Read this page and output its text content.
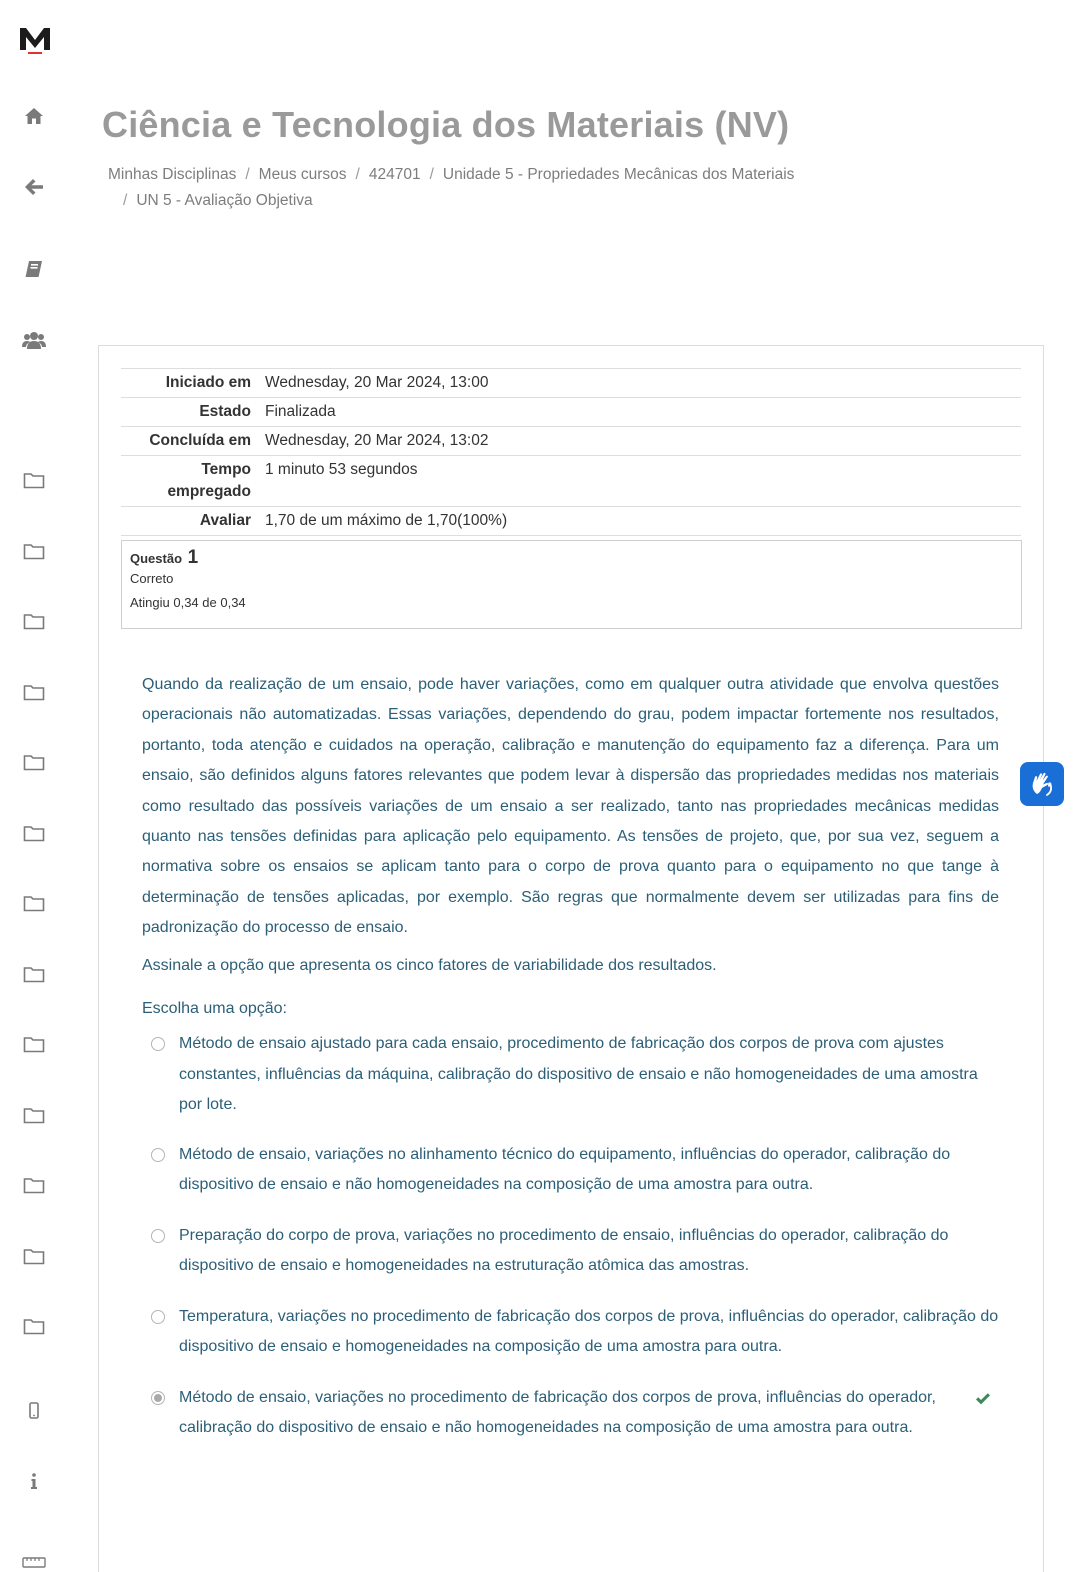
Ciência e Tecnologia dos Materiais (NV)
Minhas Disciplinas / Meus cursos / 424701 / Unidade 5 - Propriedades Mecânicas dos Materiais
/ UN 5 - Avaliação Objetiva
Iniciado em	Wednesday, 20 Mar 2024, 13:00
Estado	Finalizada
Concluída em	Wednesday, 20 Mar 2024, 13:02
Tempo empregado	1 minuto 53 segundos
Avaliar	1,70 de um máximo de 1,70(100%)
Questão 1
Correto
Atingiu 0,34 de 0,34

Quando da realização de um ensaio, pode haver variações, como em qualquer outra atividade que envolva questões operacionais não automatizadas. Essas variações, dependendo do grau, podem impactar fortemente nos resultados, portanto, toda atenção e cuidados na operação, calibração e manutenção do equipamento faz a diferença. Para um ensaio, são definidos alguns fatores relevantes que podem levar à dispersão das propriedades medidas nos materiais como resultado das possíveis variações de um ensaio a ser realizado, tanto nas propriedades mecânicas medidas quanto nas tensões definidas para aplicação pelo equipamento. As tensões de projeto, que, por sua vez, seguem a normativa sobre os ensaios se aplicam tanto para o corpo de prova quanto para o equipamento no que tange à determinação de tensões aplicadas, por exemplo. São regras que normalmente devem ser utilizadas para fins de padronização do processo de ensaio.

Assinale a opção que apresenta os cinco fatores de variabilidade dos resultados.

Escolha uma opção:
Método de ensaio ajustado para cada ensaio, procedimento de fabricação dos corpos de prova com ajustes constantes, influências da máquina, calibração do dispositivo de ensaio e não homogeneidades de uma amostra por lote.
Método de ensaio, variações no alinhamento técnico do equipamento, influências do operador, calibração do dispositivo de ensaio e não homogeneidades na composição de uma amostra para outra.
Preparação do corpo de prova, variações no procedimento de ensaio, influências do operador, calibração do dispositivo de ensaio e homogeneidades na estruturação atômica das amostras.
Temperatura, variações no procedimento de fabricação dos corpos de prova, influências do operador, calibração do dispositivo de ensaio e homogeneidades na composição de uma amostra para outra.
Método de ensaio, variações no procedimento de fabricação dos corpos de prova, influências do operador, calibração do dispositivo de ensaio e não homogeneidades na composição de uma amostra para outra.
